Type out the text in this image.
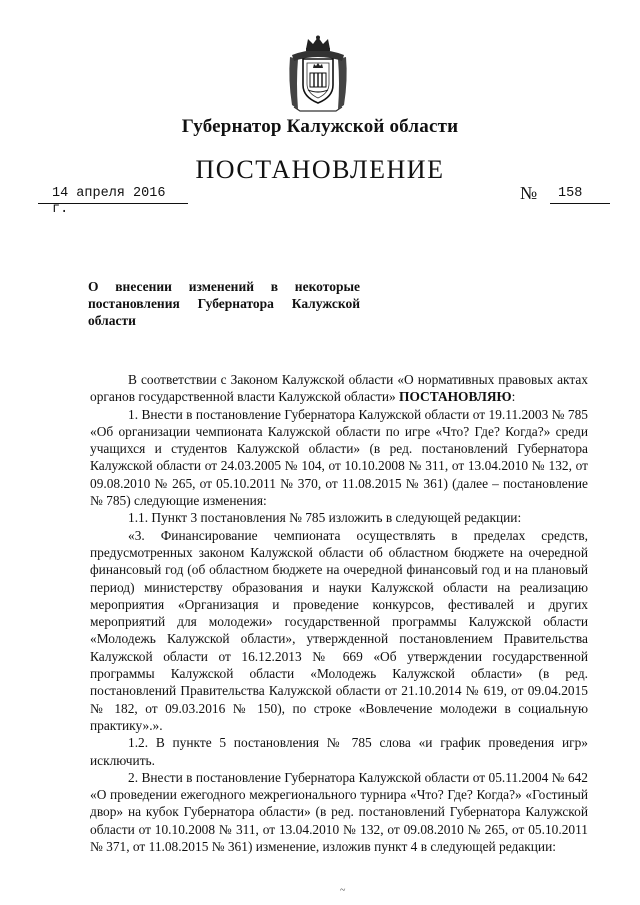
Губернатор Калужской области
ПОСТАНОВЛЕНИЕ
14 апреля 2016 г.
№	158
О внесении изменений в некоторые постановления Губернатора Калужской области

В соответствии с Законом Калужской области «О нормативных правовых актах органов государственной власти Калужской области» ПОСТАНОВЛЯЮ:

1. Внести в постановление Губернатора Калужской области от 19.11.2003 № 785 «Об организации чемпионата Калужской области по игре «Что? Где? Когда?» среди учащихся и студентов Калужской области» (в ред. постановлений Губернатора Калужской области от 24.03.2005 № 104, от 10.10.2008 № 311, от 13.04.2010 № 132, от 09.08.2010 № 265, от 05.10.2011 № 370, от 11.08.2015 № 361) (далее – постановление № 785) следующие изменения:

1.1. Пункт 3 постановления № 785 изложить в следующей редакции:

«3. Финансирование чемпионата осуществлять в пределах средств, предусмотренных законом Калужской области об областном бюджете на очередной финансовый год (об областном бюджете на очередной финансовый год и на плановый период) министерству образования и науки Калужской области на реализацию мероприятия «Организация и проведение конкурсов, фестивалей и других мероприятий для молодежи» государственной программы Калужской области «Молодежь Калужской области», утвержденной постановлением Правительства Калужской области от 16.12.2013 № 669 «Об утверждении государственной программы Калужской области «Молодежь Калужской области» (в ред. постановлений Правительства Калужской области от 21.10.2014 № 619, от 09.04.2015 № 182, от 09.03.2016 № 150), по строке «Вовлечение молодежи в социальную практику».».

1.2. В пункте 5 постановления № 785 слова «и график проведения игр» исключить.

2. Внести в постановление Губернатора Калужской области от 05.11.2004 № 642 «О проведении ежегодного межрегионального турнира «Что? Где? Когда?» «Гостиный двор» на кубок Губернатора области» (в ред. постановлений Губернатора Калужской области от 10.10.2008 № 311, от 13.04.2010 № 132, от 09.08.2010 № 265, от 05.10.2011 № 371, от 11.08.2015 № 361) изменение, изложив пункт 4 в следующей редакции:

~
